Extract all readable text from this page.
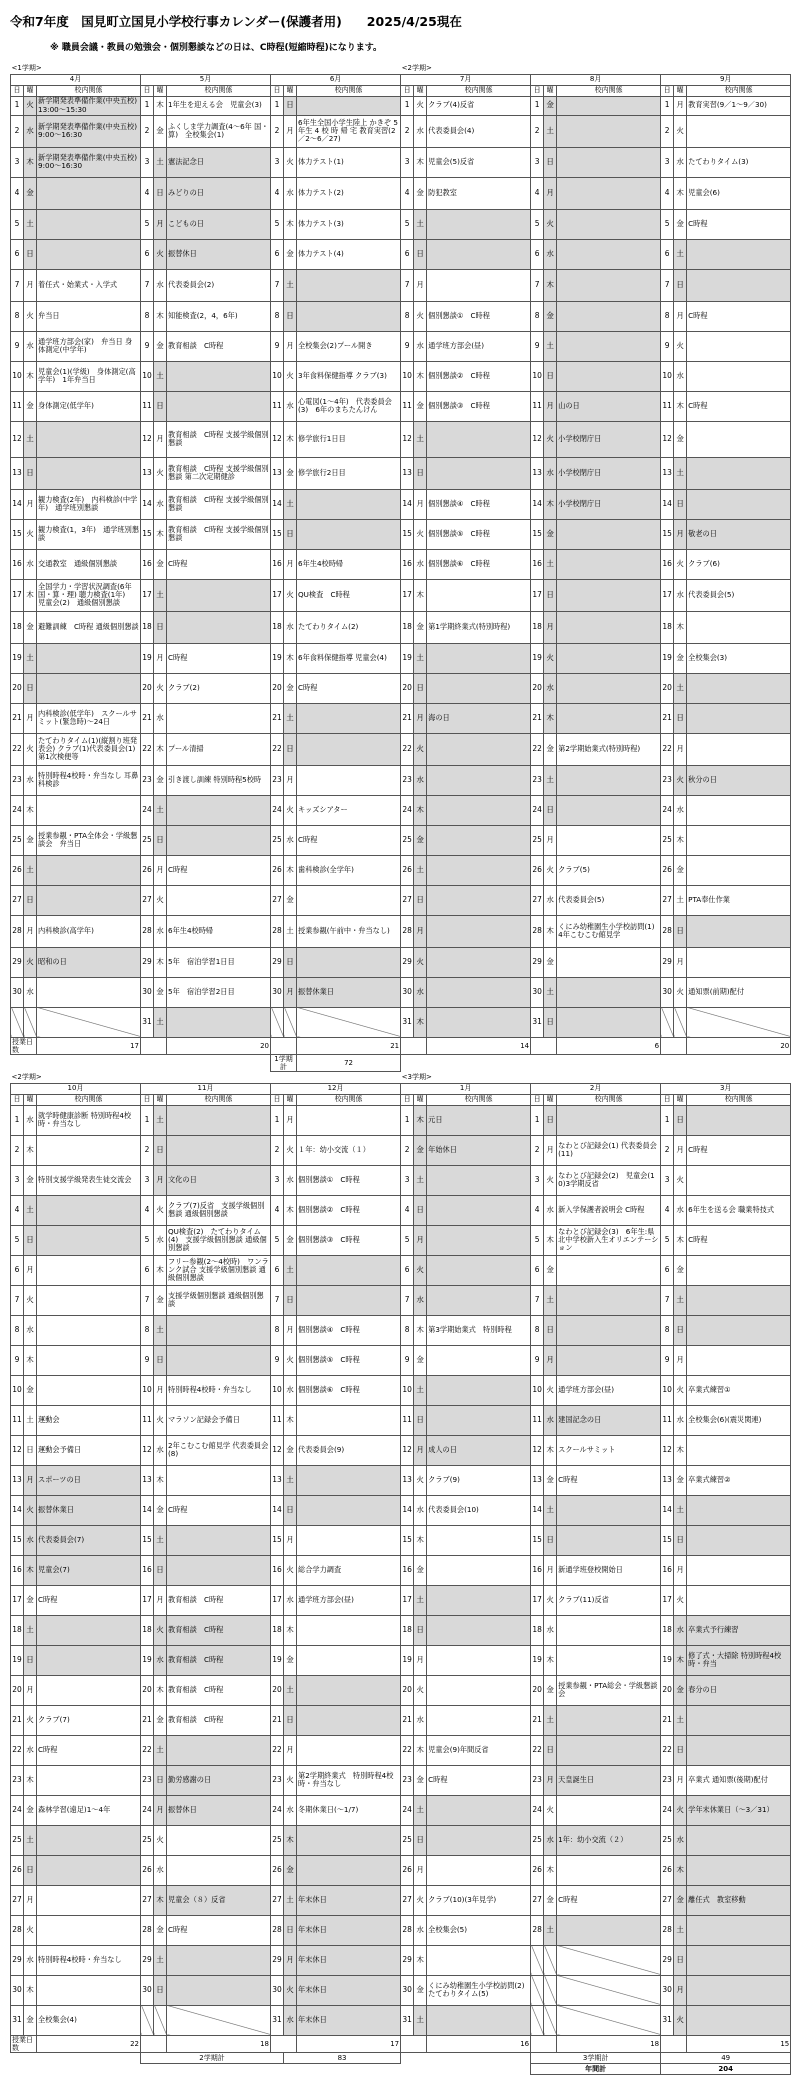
令和7年度　国見町立国見小学校行事カレンダー(保護者用)　　2025/4/25現在
※ 職員会議・教員の勉強会・個別懇談などの日は、C時程(短縮時程)になります。
<1学期>									<2学期>								
4月			5月			6月			7月			8月			9月		
日	曜	校内関係	日	曜	校内関係	日	曜	校内関係	日	曜	校内関係	日	曜	校内関係	日	曜	校内関係
1	火	新学期発表準備作業(中央五校)13:00～15:30	1	木	1年生を迎える会　児童会(3)	1	日		1	火	クラブ(4)反省	1	金		1	月	教育実習(9／1～9／30)
2	水	新学期発表準備作業(中央五校)9:00～16:30	2	金	ふくしま学力調査(4～6年 国・算)　全校集会(1)	2	月	6年生全国小学生陸上 かきぞ 5 年生 4 校 時 帰 宅 教育実習(2／2～6／27)	2	水	代表委員会(4)	2	土		2	火	
3	木	新学期発表準備作業(中央五校)9:00～16:30	3	土	憲法記念日	3	火	体力テスト(1)	3	木	児童会(5)反省	3	日		3	水	たてわりタイム(3)
4	金		4	日	みどりの日	4	水	体力テスト(2)	4	金	防犯教室	4	月		4	木	児童会(6)
5	土		5	月	こどもの日	5	木	体力テスト(3)	5	土		5	火		5	金	C時程
6	日		6	火	振替休日	6	金	体力テスト(4)	6	日		6	水		6	土	
7	月	着任式・始業式・入学式	7	水	代表委員会(2)	7	土		7	月		7	木		7	日	
8	火	弁当日	8	木	知能検査(2，4，6年)	8	日		8	火	個別懇談①　C時程	8	金		8	月	C時程
9	水	通学班方部会(家)　弁当日 身体測定(中学年)	9	金	教育相談　C時程	9	月	全校集会(2)プール開き	9	水	通学班方部会(昼)	9	土		9	火	
10	木	児童会(1)(学級)　身体測定(高学年)　1年弁当日	10	土		10	火	3年食料保健指導 クラブ(3)	10	木	個別懇談②　C時程	10	日		10	水	
11	金	身体測定(低学年)	11	日		11	水	心電図(1～4年)　代表委員会(3)　6年のまちたんけん	11	金	個別懇談③　C時程	11	月	山の日	11	木	C時程
12	土		12	月	教育相談　C時程 支援学級個別懇談	12	木	修学旅行1日目	12	土		12	火	小学校閉庁日	12	金	
13	日		13	火	教育相談　C時程 支援学級個別懇談 第二次定期健診	13	金	修学旅行2日目	13	日		13	水	小学校閉庁日	13	土	
14	月	観力検査(2年)　内科検診(中学年)　通学班別懇談	14	水	教育相談　C時程 支援学級個別懇談	14	土		14	月	個別懇談④　C時程	14	木	小学校閉庁日	14	日	
15	火	観力検査(1，3年)　通学班別懇談	15	木	教育相談　C時程 支援学級個別懇談	15	日		15	火	個別懇談⑤　C時程	15	金		15	月	敬老の日
16	水	交通教室　通級個別懇談	16	金	C時程	16	月	6年生4校時帰	16	水	個別懇談⑥　C時程	16	土		16	火	クラブ(6)
17	木	全国学力・学習状況調査(6年 国・算・理) 聴力検査(1年)　児童会(2)　通級個別懇談	17	土		17	火	QU検査　C時程	17	木		17	日		17	水	代表委員会(5)
18	金	避難訓練　C時程 通級個別懇談	18	日		18	水	たてわりタイム(2)	18	金	第1学期終業式(特別時程)	18	月		18	木	
19	土		19	月	C時程	19	木	6年食料保健指導 児童会(4)	19	土		19	火		19	金	全校集会(3)
20	日		20	火	クラブ(2)	20	金	C時程	20	日		20	水		20	土	
21	月	内科検診(低学年)　スクールサミット(緊急時)～24日	21	水		21	土		21	月	海の日	21	木		21	日	
22	火	たてわりタイム(1)(縦割り班発表会) クラブ(1)代表委員会(1)　第1次検便等	22	木	プール清掃	22	日		22	火		22	金	第2学期始業式(特別時程)	22	月	
23	水	特別時程4校時・弁当なし 耳鼻科検診	23	金	引き渡し訓練 特別時程5校時	23	月		23	水		23	土		23	火	秋分の日
24	木		24	土		24	火	キッズシアター	24	木		24	日		24	水	
25	金	授業参観・PTA全体会・学級懇談会　弁当日	25	日		25	水	C時程	25	金		25	月		25	木	
26	土		26	月	C時程	26	木	歯科検診(全学年)	26	土		26	火	クラブ(5)	26	金	
27	日		27	火		27	金		27	日		27	水	代表委員会(5)	27	土	PTA奉仕作業
28	月	内科検診(高学年)	28	水	6年生4校時帰	28	土	授業参観(午前中・弁当なし)	28	月		28	木	くにみ幼稚園生小学校訪問(1)　4年こむこむ館見学	28	日	
29	火	昭和の日	29	木	5年　宿泊学習1日目	29	日		29	火		29	金		29	月	
30	水		30	金	5年　宿泊学習2日目	30	月	振替休業日	30	水		30	土		30	火	通知票(前期)配付
			31	土					31	木		31	日				
授業日数		17			20			21			14			6			20
						1学期計		72									
<2学期>									<3学期>								
10月			11月			12月			1月			2月			3月		
日	曜	校内関係	日	曜	校内関係	日	曜	校内関係	日	曜	校内関係	日	曜	校内関係	日	曜	校内関係
1	水	就学時健康診断 特別時程4校時・弁当なし	1	土		1	月		1	木	元日	1	日		1	日	
2	木		2	日		2	火	１年：幼小交流（１）	2	金	年始休日	2	月	なわとび記録会(1) 代表委員会(11)	2	月	C時程
3	金	特別支援学級発表生徒交流会	3	月	文化の日	3	水	個別懇談①　C時程	3	土		3	火	なわとび記録会(2)　児童会(10)3学期反省	3	火	
4	土		4	火	クラブ(7)反省　支援学級個別懇談 通級個別懇談	4	木	個別懇談②　C時程	4	日		4	水	新入学保護者説明会 C時程	4	水	6年生を送る会 職業特技式
5	日		5	水	QU検査(2)　たてわりタイム(4)　支援学級個別懇談 通級個別懇談	5	金	個別懇談③　C時程	5	月		5	木	なわとび記録会(3)　6年生:県北中学校新入生オリエンテーション	5	木	C時程
6	月		6	木	フリー参観(2～4校時)　ワンランク試合 支援学級個別懇談 通級個別懇談	6	土		6	火		6	金		6	金	
7	火		7	金	支援学級個別懇談 通級個別懇談	7	日		7	水		7	土		7	土	
8	水		8	土		8	月	個別懇談④　C時程	8	木	第3学期始業式　特別時程	8	日		8	日	
9	木		9	日		9	火	個別懇談⑤　C時程	9	金		9	月		9	月	
10	金		10	月	特別時程4校時・弁当なし	10	水	個別懇談⑥　C時程	10	土		10	火	通学班方部会(昼)	10	火	卒業式練習①
11	土	運動会	11	火	マラソン記録会予備日	11	木		11	日		11	水	建国記念の日	11	水	全校集会(6)(震災関連)
12	日	運動会予備日	12	水	2年こむこむ館見学 代表委員会(8)	12	金	代表委員会(9)	12	月	成人の日	12	木	スクールサミット	12	木	
13	月	スポーツの日	13	木		13	土		13	火	クラブ(9)	13	金	C時程	13	金	卒業式練習②
14	火	振替休業日	14	金	C時程	14	日		14	水	代表委員会(10)	14	土		14	土	
15	水	代表委員会(7)	15	土		15	月		15	木		15	日		15	日	
16	木	児童会(7)	16	日		16	火	総合学力調査	16	金		16	月	新通学班登校開始日	16	月	
17	金	C時程	17	月	教育相談　C時程	17	水	通学班方部会(昼)	17	土		17	火	クラブ(11)反省	17	火	
18	土		18	火	教育相談　C時程	18	木		18	日		18	水		18	水	卒業式予行練習
19	日		19	水	教育相談　C時程	19	金		19	月		19	木		19	木	修了式・大掃除 特別時程4校時・弁当
20	月		20	木	教育相談　C時程	20	土		20	火		20	金	授業参観・PTA総会・学級懇談会	20	金	春分の日
21	火	クラブ(7)	21	金	教育相談　C時程	21	日		21	水		21	土		21	土	
22	水	C時程	22	土		22	月		22	木	児童会(9)年間反省	22	日		22	日	
23	木		23	日	勤労感謝の日	23	火	第2学期終業式　特別時程4校時・弁当なし	23	金	C時程	23	月	天皇誕生日	23	月	卒業式 通知票(後期)配付
24	金	森林学習(遠足)1～4年	24	月	振替休日	24	水	冬期休業日(～1/7)	24	土		24	火		24	火	学年末休業日（～3／31）
25	土		25	火		25	木		25	日		25	水	1年：幼小交流（２）	25	水	
26	日		26	水		26	金		26	月		26	木		26	木	
27	月		27	木	児童会（８）反省	27	土	年末休日	27	火	クラブ(10)(3年見学)	27	金	C時程	27	金	離任式　教室移動
28	火		28	金	C時程	28	日	年末休日	28	水	全校集会(5)	28	土		28	土	
29	水	特別時程4校時・弁当なし	29	土		29	月	年末休日	29	木					29	日	
30	木		30	日		30	火	年末休日	30	金	くにみ幼稚園生小学校訪問(2) たてわりタイム(5)				30	月	
31	金	全校集会(4)				31	水	年末休日	31	土					31	火	
授業日数		22			18			17			16			18			15
			2学期計				83					3学期計			49		
												年間計			204		
